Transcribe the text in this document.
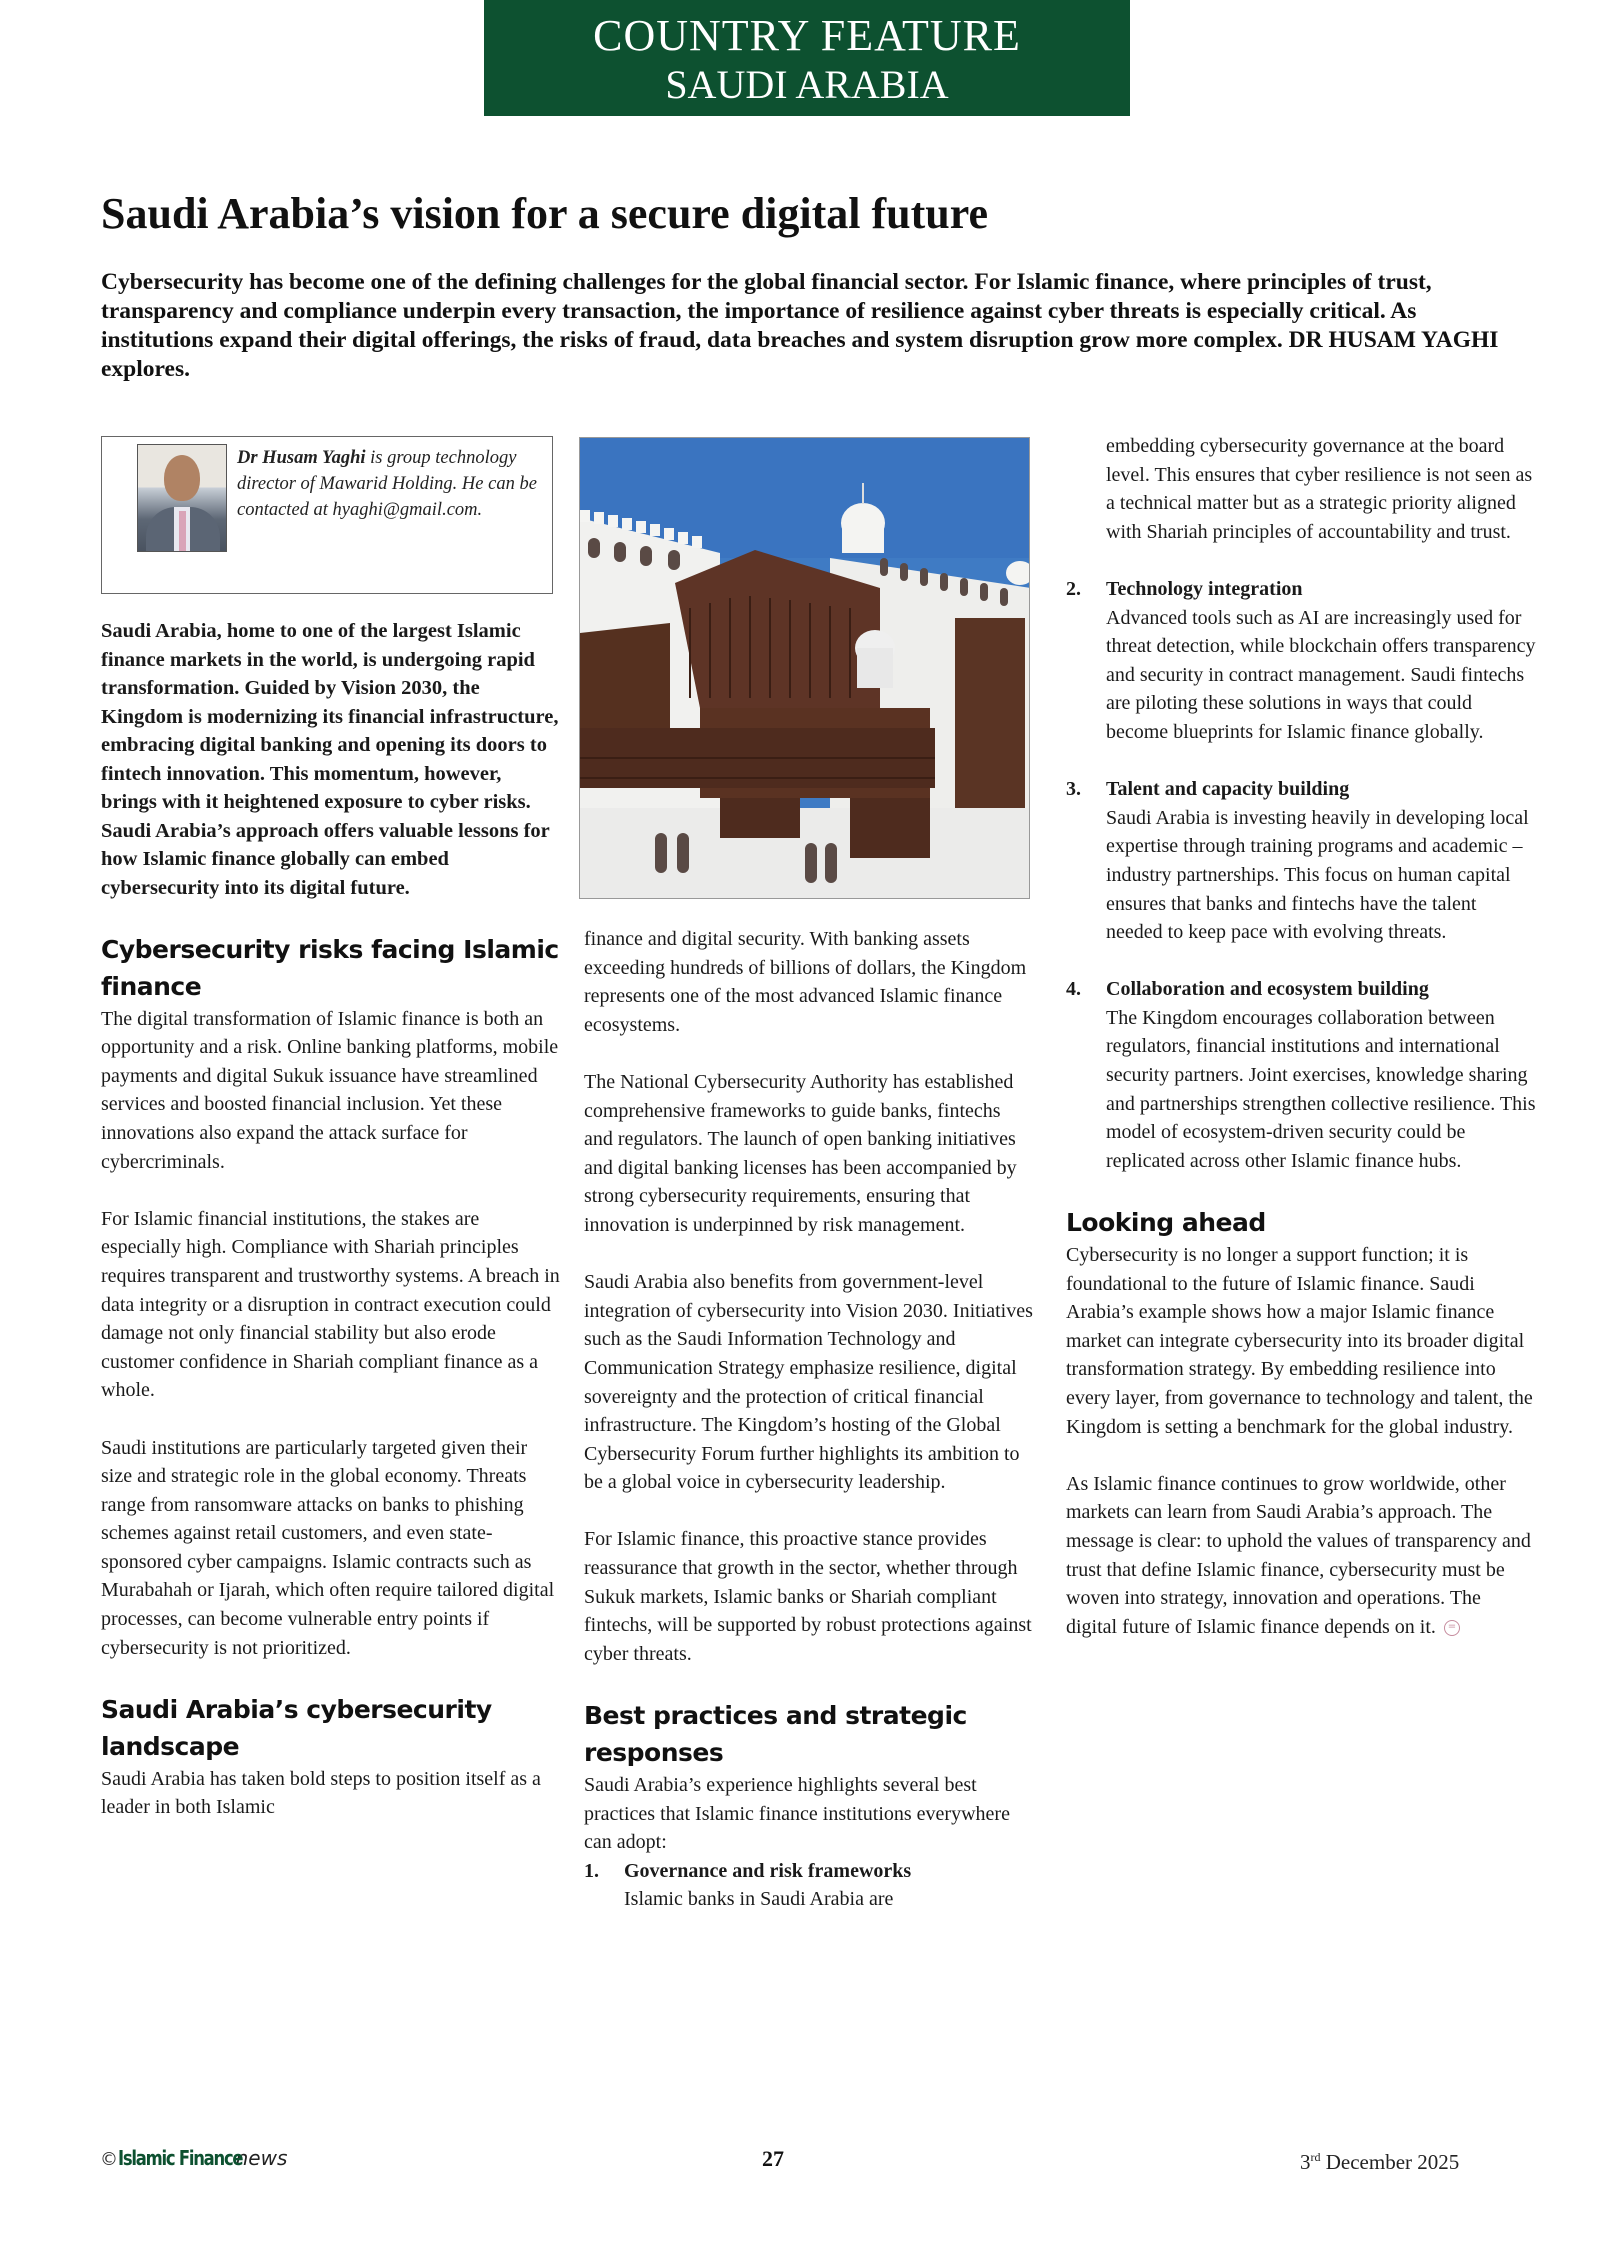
COUNTRY FEATURE
SAUDI ARABIA
Saudi Arabia’s vision for a secure digital future
Cybersecurity has become one of the defining challenges for the global financial sector. For Islamic finance, where principles of trust, transparency and compliance underpin every transaction, the importance of resilience against cyber threats is especially critical. As institutions expand their digital offerings, the risks of fraud, data breaches and system disruption grow more complex. DR HUSAM YAGHI explores.
Dr Husam Yaghi is group technology director of Mawarid Holding. He can be contacted at hyaghi@gmail.com.

Saudi Arabia, home to one of the largest Islamic finance markets in the world, is undergoing rapid transformation. Guided by Vision 2030, the Kingdom is modernizing its financial infrastructure, embracing digital banking and opening its doors to fintech innovation. This momentum, however, brings with it heightened exposure to cyber risks. Saudi Arabia’s approach offers valuable lessons for how Islamic finance globally can embed cybersecurity into its digital future.

Cybersecurity risks facing Islamic finance

The digital transformation of Islamic finance is both an opportunity and a risk. Online banking platforms, mobile payments and digital Sukuk issuance have streamlined services and boosted financial inclusion. Yet these innovations also expand the attack surface for cybercriminals.

For Islamic financial institutions, the stakes are especially high. Compliance with Shariah principles requires transparent and trustworthy systems. A breach in data integrity or a disruption in contract execution could damage not only financial stability but also erode customer confidence in Shariah compliant finance as a whole.

Saudi institutions are particularly targeted given their size and strategic role in the global economy. Threats range from ransomware attacks on banks to phishing schemes against retail customers, and even state-sponsored cyber campaigns. Islamic contracts such as Murabahah or Ijarah, which often require tailored digital processes, can become vulnerable entry points if cybersecurity is not prioritized.

Saudi Arabia’s cybersecurity landscape

Saudi Arabia has taken bold steps to position itself as a leader in both Islamic

finance and digital security. With banking assets exceeding hundreds of billions of dollars, the Kingdom represents one of the most advanced Islamic finance ecosystems.

The National Cybersecurity Authority has established comprehensive frameworks to guide banks, fintechs and regulators. The launch of open banking initiatives and digital banking licenses has been accompanied by strong cybersecurity requirements, ensuring that innovation is underpinned by risk management.

Saudi Arabia also benefits from government-level integration of cybersecurity into Vision 2030. Initiatives such as the Saudi Information Technology and Communication Strategy emphasize resilience, digital sovereignty and the protection of critical financial infrastructure. The Kingdom’s hosting of the Global Cybersecurity Forum further highlights its ambition to be a global voice in cybersecurity leadership.

For Islamic finance, this proactive stance provides reassurance that growth in the sector, whether through Sukuk markets, Islamic banks or Shariah compliant fintechs, will be supported by robust protections against cyber threats.

Best practices and strategic responses

Saudi Arabia’s experience highlights several best practices that Islamic finance institutions everywhere can adopt:

1. Governance and risk frameworks
Islamic banks in Saudi Arabia are

embedding cybersecurity governance at the board level. This ensures that cyber resilience is not seen as a technical matter but as a strategic priority aligned with Shariah principles of accountability and trust.

2. Technology integration
Advanced tools such as AI are increasingly used for threat detection, while blockchain offers transparency and security in contract management. Saudi fintechs are piloting these solutions in ways that could become blueprints for Islamic finance globally.
3. Talent and capacity building
Saudi Arabia is investing heavily in developing local expertise through training programs and academic – industry partnerships. This focus on human capital ensures that banks and fintechs have the talent needed to keep pace with evolving threats.
4. Collaboration and ecosystem building
The Kingdom encourages collaboration between regulators, financial institutions and international security partners. Joint exercises, knowledge sharing and partnerships strengthen collective resilience. This model of ecosystem-driven security could be replicated across other Islamic finance hubs.
Looking ahead

Cybersecurity is no longer a support function; it is foundational to the future of Islamic finance. Saudi Arabia’s example shows how a major Islamic finance market can integrate cybersecurity into its broader digital transformation strategy. By embedding resilience into every layer, from governance to technology and talent, the Kingdom is setting a benchmark for the global industry.

As Islamic finance continues to grow worldwide, other markets can learn from Saudi Arabia’s approach. The message is clear: to uphold the values of transparency and trust that define Islamic finance, cybersecurity must be woven into strategy, innovation and operations. The digital future of Islamic finance depends on it. =

©Islamic Financenews	27	3rd December 2025
